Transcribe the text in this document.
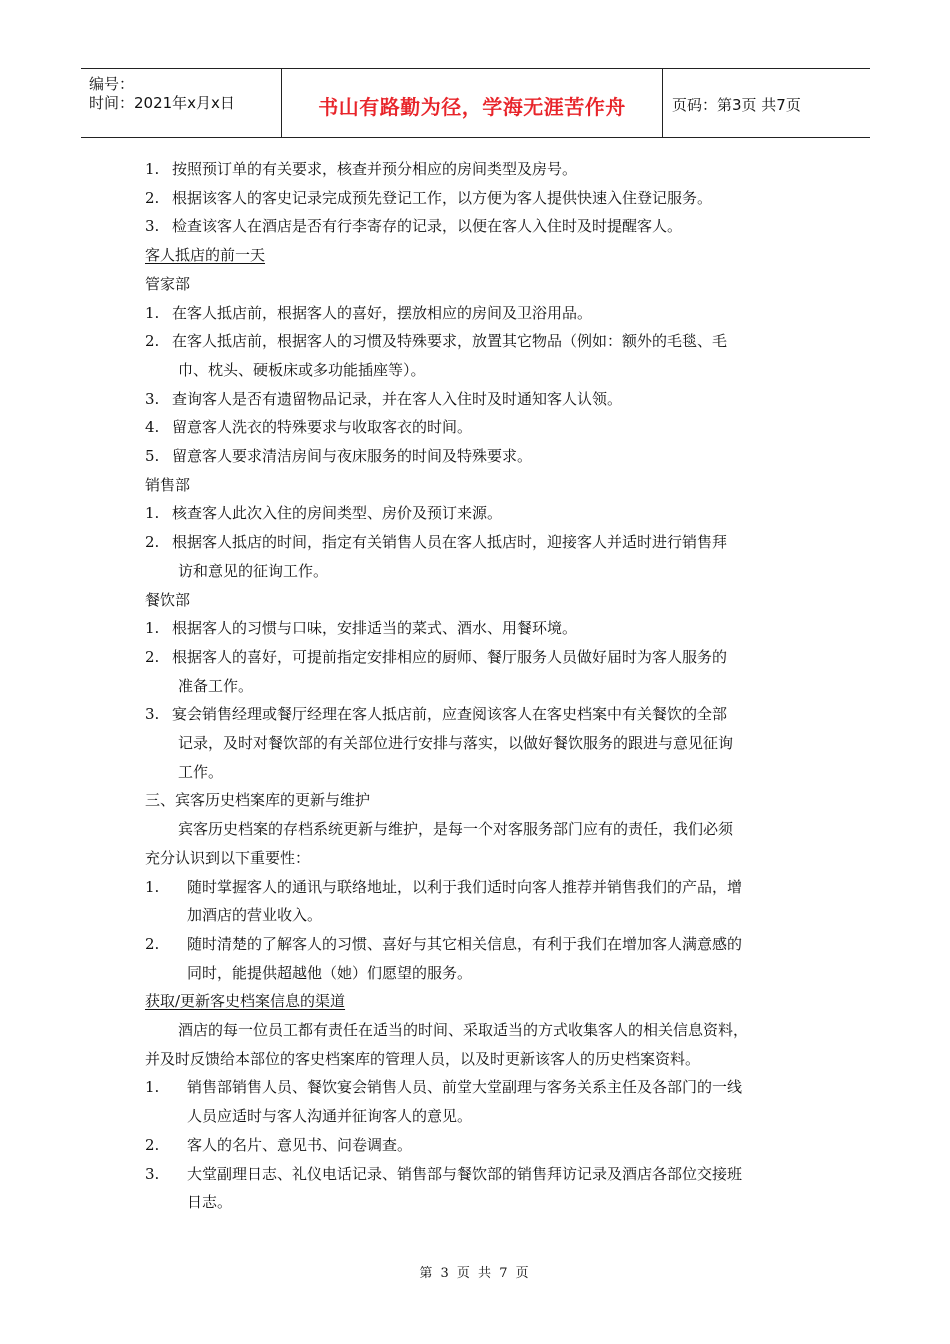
编号：
时间：2021年x月x日	书山有路勤为径，学海无涯苦作舟	页码：第3页 共7页
1. 按照预订单的有关要求，核查并预分相应的房间类型及房号。
2. 根据该客人的客史记录完成预先登记工作，以方便为客人提供快速入住登记服务。
3. 检查该客人在酒店是否有行李寄存的记录，以便在客人入住时及时提醒客人。
客人抵店的前一天
管家部
1. 在客人抵店前，根据客人的喜好，摆放相应的房间及卫浴用品。
2. 在客人抵店前，根据客人的习惯及特殊要求，放置其它物品（例如：额外的毛毯、毛
巾、枕头、硬板床或多功能插座等）。
3. 查询客人是否有遗留物品记录，并在客人入住时及时通知客人认领。
4. 留意客人洗衣的特殊要求与收取客衣的时间。
5. 留意客人要求清洁房间与夜床服务的时间及特殊要求。
销售部
1. 核查客人此次入住的房间类型、房价及预订来源。
2. 根据客人抵店的时间，指定有关销售人员在客人抵店时，迎接客人并适时进行销售拜
访和意见的征询工作。
餐饮部
1. 根据客人的习惯与口味，安排适当的菜式、酒水、用餐环境。
2. 根据客人的喜好，可提前指定安排相应的厨师、餐厅服务人员做好届时为客人服务的
准备工作。
3. 宴会销售经理或餐厅经理在客人抵店前，应查阅该客人在客史档案中有关餐饮的全部
记录，及时对餐饮部的有关部位进行安排与落实，以做好餐饮服务的跟进与意见征询
工作。
三、宾客历史档案库的更新与维护
宾客历史档案的存档系统更新与维护，是每一个对客服务部门应有的责任，我们必须
充分认识到以下重要性：
1. 随时掌握客人的通讯与联络地址，以利于我们适时向客人推荐并销售我们的产品，增
加酒店的营业收入。
2. 随时清楚的了解客人的习惯、喜好与其它相关信息，有利于我们在增加客人满意感的
同时，能提供超越他（她）们愿望的服务。
获取/更新客史档案信息的渠道
酒店的每一位员工都有责任在适当的时间、采取适当的方式收集客人的相关信息资料，
并及时反馈给本部位的客史档案库的管理人员，以及时更新该客人的历史档案资料。
1. 销售部销售人员、餐饮宴会销售人员、前堂大堂副理与客务关系主任及各部门的一线
人员应适时与客人沟通并征询客人的意见。
2. 客人的名片、意见书、问卷调查。
3. 大堂副理日志、礼仪电话记录、销售部与餐饮部的销售拜访记录及酒店各部位交接班
日志。
第 3 页 共 7 页
